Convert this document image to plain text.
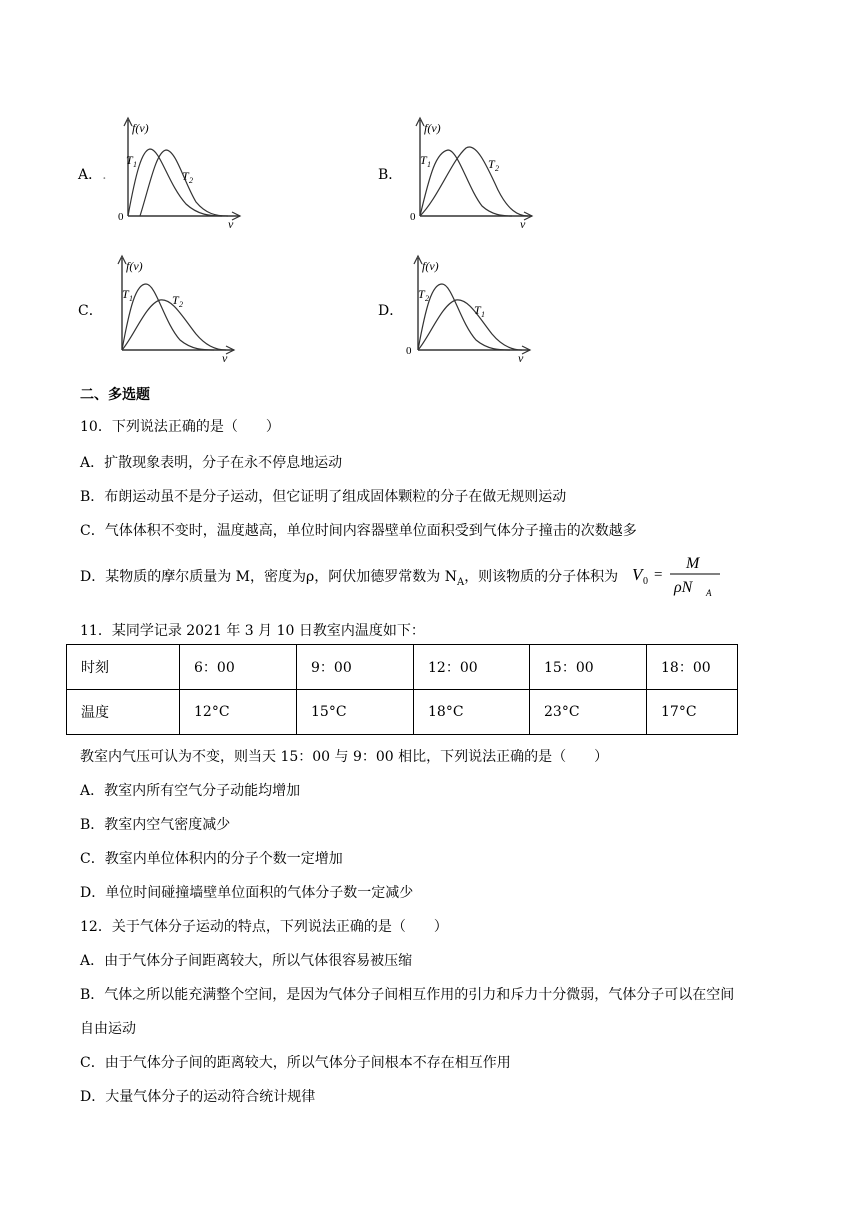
A．.	B．
C．	D．
f(v)
T 1
T 2
0	v
f(v)
T 1	T 2
0	v
f(v)
T 1	T 2
v
f(v)
T 2
T 1
0	v
二、多选题
10．下列说法正确的是（　　）
A．扩散现象表明，分子在永不停息地运动
B．布朗运动虽不是分子运动，但它证明了组成固体颗粒的分子在做无规则运动
C．气体体积不变时，温度越高，单位时间内容器壁单位面积受到气体分子撞击的次数越多
D．某物质的摩尔质量为 M，密度为ρ，阿伏加德罗常数为 $N_A$，则该物质的分子体积为 V 0 =
M
ρN A
11．某同学记录 2021 年 3 月 10 日教室内温度如下：
时刻	6：00	9：00	12：00	15：00	18：00
温度	12°C	15°C	18°C	23°C	17°C
教室内气压可认为不变，则当天 15：00 与 9：00 相比，下列说法正确的是（　　）
A．教室内所有空气分子动能均增加
B．教室内空气密度减少
C．教室内单位体积内的分子个数一定增加
D．单位时间碰撞墙壁单位面积的气体分子数一定减少
12．关于气体分子运动的特点，下列说法正确的是（　　）
A．由于气体分子间距离较大，所以气体很容易被压缩
B．气体之所以能充满整个空间，是因为气体分子间相互作用的引力和斥力十分微弱，气体分子可以在空间
自由运动
C．由于气体分子间的距离较大，所以气体分子间根本不存在相互作用
D．大量气体分子的运动符合统计规律
